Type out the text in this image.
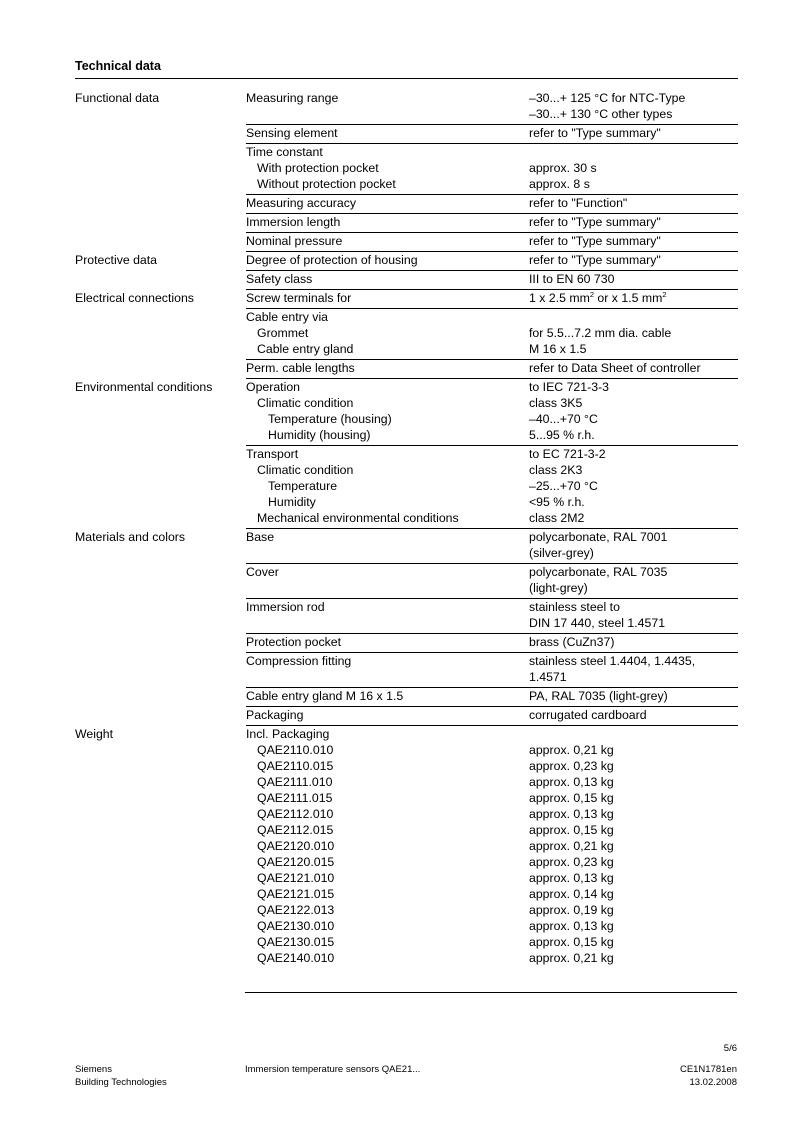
Technical data
Functional data	Measuring range	–30...+ 125 °C for NTC-Type
–30...+ 130 °C other types
Sensing element	refer to "Type summary"
Time constant
With protection pocket	approx. 30 s
Without protection pocket	approx. 8 s
Measuring accuracy	refer to "Function"
Immersion length	refer to "Type summary"
Nominal pressure	refer to "Type summary"
Protective data	Degree of protection of housing	refer to "Type summary"
Safety class	III to EN 60 730
Electrical connections	Screw terminals for	1 x 2.5 $mm^2$ or x 1.5 $mm^2$
Cable entry via
Grommet	for 5.5...7.2 mm dia. cable
Cable entry gland	M 16 x 1.5
Perm. cable lengths	refer to Data Sheet of controller
Environmental conditions	Operation	to IEC 721-3-3
Climatic condition	class 3K5
Temperature (housing)	–40...+70 °C
Humidity (housing)	5...95 % r.h.
Transport	to EC 721-3-2
Climatic condition	class 2K3
Temperature	–25...+70 °C
Humidity	<95 % r.h.
Mechanical environmental conditions	class 2M2
Materials and colors	Base	polycarbonate, RAL 7001
(silver-grey)
Cover	polycarbonate, RAL 7035
(light-grey)
Immersion rod	stainless steel to
DIN 17 440, steel 1.4571
Protection pocket	brass (CuZn37)
Compression fitting	stainless steel 1.4404, 1.4435,
1.4571
Cable entry gland M 16 x 1.5	PA, RAL 7035 (light-grey)
Packaging	corrugated cardboard
Weight	Incl. Packaging
QAE2110.010	approx. 0,21 kg
QAE2110.015	approx. 0,23 kg
QAE2111.010	approx. 0,13 kg
QAE2111.015	approx. 0,15 kg
QAE2112.010	approx. 0,13 kg
QAE2112.015	approx. 0,15 kg
QAE2120.010	approx. 0,21 kg
QAE2120.015	approx. 0,23 kg
QAE2121.010	approx. 0,13 kg
QAE2121.015	approx. 0,14 kg
QAE2122.013	approx. 0,19 kg
QAE2130.010	approx. 0,13 kg
QAE2130.015	approx. 0,15 kg
QAE2140.010	approx. 0,21 kg
5/6
Siemens
Building Technologies
Immersion temperature sensors QAE21...	CE1N1781en
13.02.2008
